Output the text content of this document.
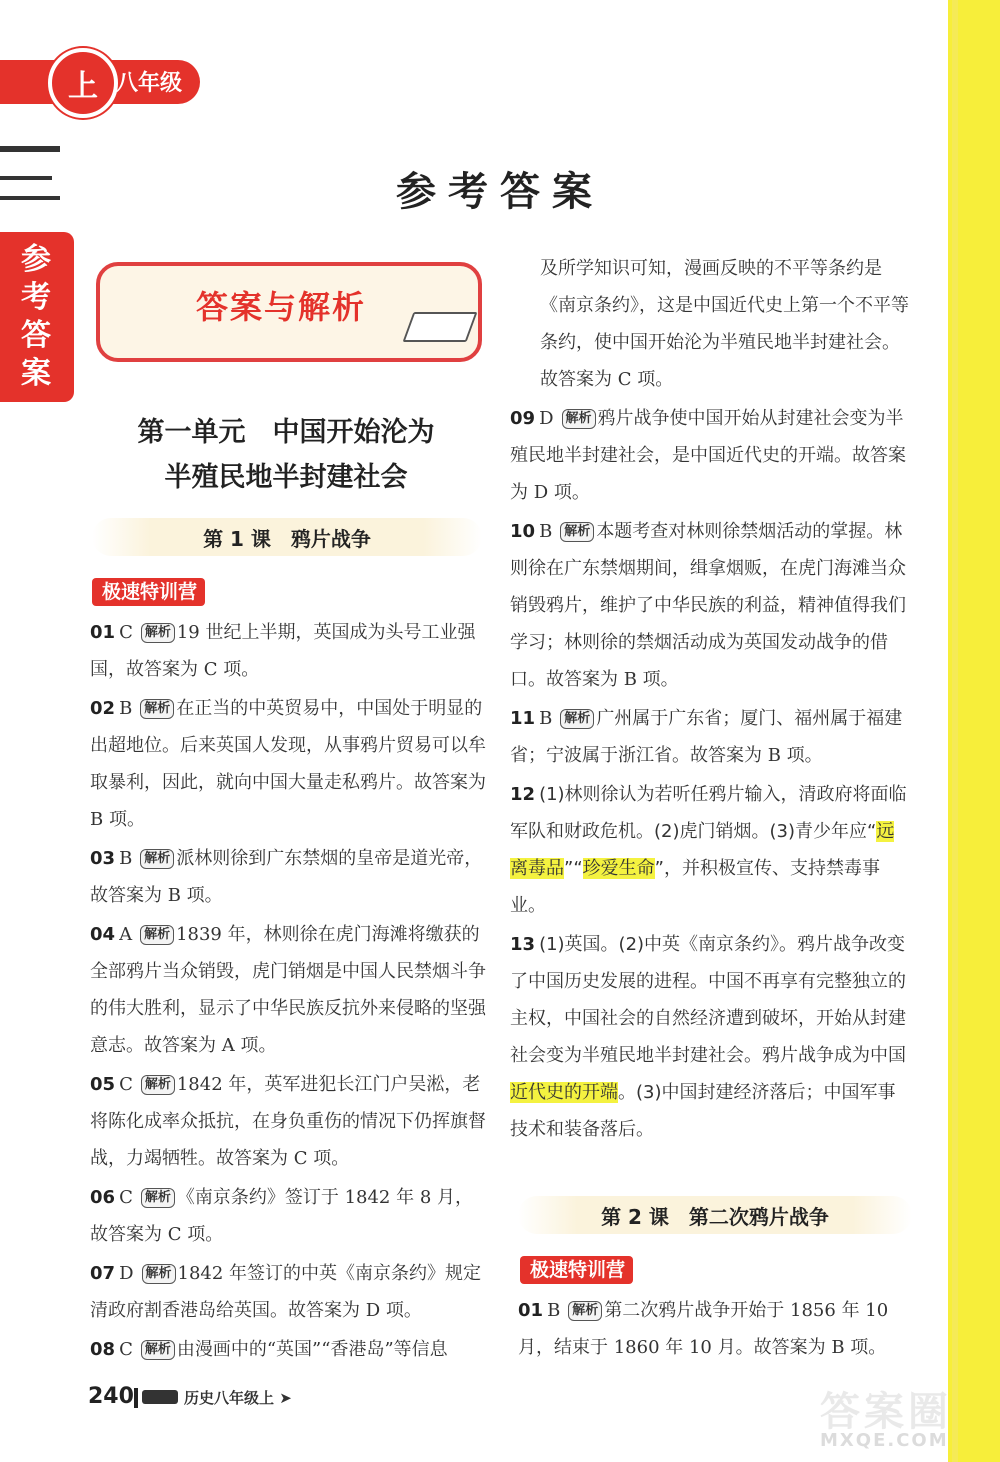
上 八年级
参
考
答
案
参考答案
答案与解析
第一单元　中国开始沦为
半殖民地半封建社会
第 1 课　鸦片战争
极速特训营

01 C 解析 19 世纪上半期，英国成为头号工业强国，故答案为 C 项。

02 B 解析 在正当的中英贸易中，中国处于明显的出超地位。后来英国人发现，从事鸦片贸易可以牟取暴利，因此，就向中国大量走私鸦片。故答案为 B 项。

03 B 解析 派林则徐到广东禁烟的皇帝是道光帝，故答案为 B 项。

04 A 解析 1839 年，林则徐在虎门海滩将缴获的全部鸦片当众销毁，虎门销烟是中国人民禁烟斗争的伟大胜利，显示了中华民族反抗外来侵略的坚强意志。故答案为 A 项。

05 C 解析 1842 年，英军进犯长江门户吴淞，老将陈化成率众抵抗，在身负重伤的情况下仍挥旗督战，力竭牺牲。故答案为 C 项。

06 C 解析 《南京条约》签订于 1842 年 8 月，故答案为 C 项。

07 D 解析 1842 年签订的中英《南京条约》规定清政府割香港岛给英国。故答案为 D 项。

08 C 解析 由漫画中的“英国”“香港岛”等信息

及所学知识可知，漫画反映的不平等条约是《南京条约》，这是中国近代史上第一个不平等条约，使中国开始沦为半殖民地半封建社会。故答案为 C 项。

09 D 解析 鸦片战争使中国开始从封建社会变为半殖民地半封建社会，是中国近代史的开端。故答案为 D 项。

10 B 解析 本题考查对林则徐禁烟活动的掌握。林则徐在广东禁烟期间，缉拿烟贩，在虎门海滩当众销毁鸦片，维护了中华民族的利益，精神值得我们学习；林则徐的禁烟活动成为英国发动战争的借口。故答案为 B 项。

11 B 解析 广州属于广东省；厦门、福州属于福建省；宁波属于浙江省。故答案为 B 项。

12 (1)林则徐认为若听任鸦片输入，清政府将面临军队和财政危机。(2)虎门销烟。(3)青少年应“远离毒品”“珍爱生命”，并积极宣传、支持禁毒事业。

13 (1)英国。(2)中英《南京条约》。鸦片战争改变了中国历史发展的进程。中国不再享有完整独立的主权，中国社会的自然经济遭到破坏，开始从封建社会变为半殖民地半封建社会。鸦片战争成为中国近代史的开端。(3)中国封建经济落后；中国军事技术和装备落后。

第 2 课　第二次鸦片战争
极速特训营

01 B 解析 第二次鸦片战争开始于 1856 年 10 月，结束于 1860 年 10 月。故答案为 B 项。

240	历史八年级上 ➤	答案圈
MXQE.COM
